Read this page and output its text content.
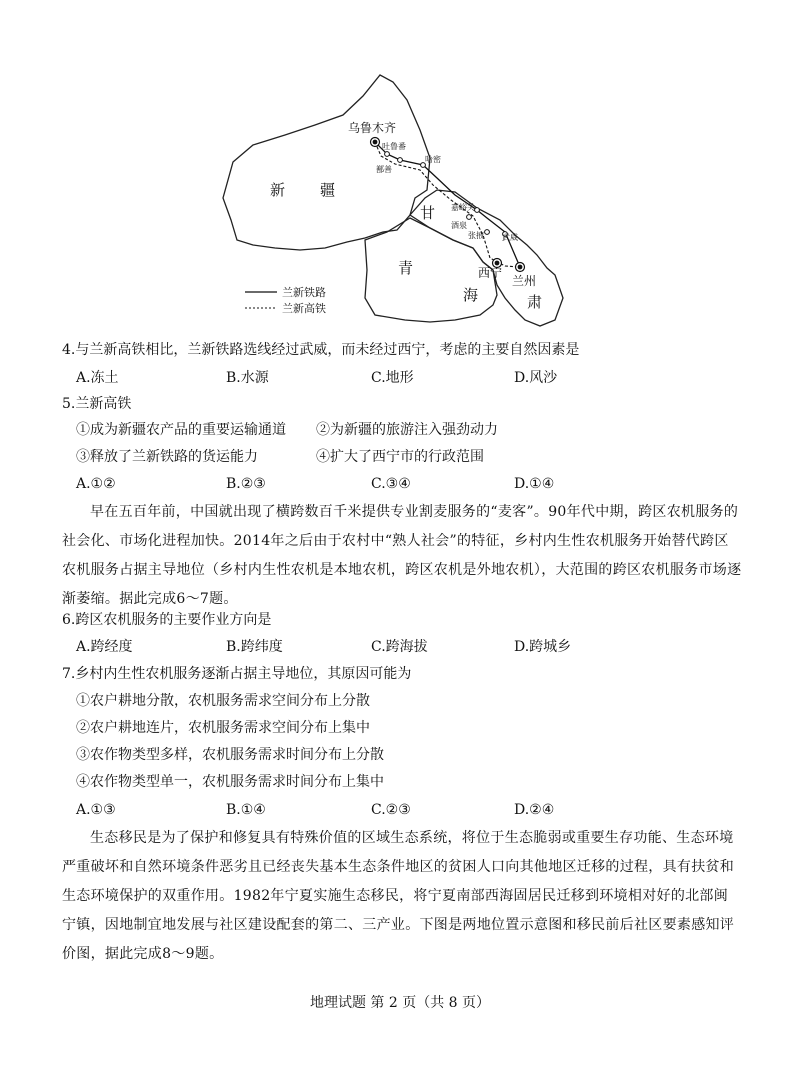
乌鲁木齐
吐鲁番
鄯善
哈密
嘉峪关
酒泉
张掖 武威
西宁
兰州
新 疆
甘
青
海	肃
兰新铁路
兰新高铁
4.与兰新高铁相比，兰新铁路选线经过武威，而未经过西宁，考虑的主要自然因素是
A.冻土	B.水源	C.地形	D.风沙
5.兰新高铁
①成为新疆农产品的重要运输通道 ②为新疆的旅游注入强劲动力
③释放了兰新铁路的货运能力	④扩大了西宁市的行政范围
A.①②	B.②③	C.③④	D.①④

早在五百年前，中国就出现了横跨数百千米提供专业割麦服务的“麦客”。90年代中期，跨区农机服务的社会化、市场化进程加快。2014年之后由于农村中“熟人社会”的特征，乡村内生性农机服务开始替代跨区农机服务占据主导地位（乡村内生性农机是本地农机，跨区农机是外地农机），大范围的跨区农机服务市场逐渐萎缩。据此完成6～7题。

6.跨区农机服务的主要作业方向是
A.跨经度	B.跨纬度	C.跨海拔	D.跨城乡
7.乡村内生性农机服务逐渐占据主导地位，其原因可能为
①农户耕地分散，农机服务需求空间分布上分散
②农户耕地连片，农机服务需求空间分布上集中
③农作物类型多样，农机服务需求时间分布上分散
④农作物类型单一，农机服务需求时间分布上集中
A.①③	B.①④	C.②③	D.②④

生态移民是为了保护和修复具有特殊价值的区域生态系统，将位于生态脆弱或重要生存功能、生态环境严重破坏和自然环境条件恶劣且已经丧失基本生态条件地区的贫困人口向其他地区迁移的过程，具有扶贫和生态环境保护的双重作用。1982年宁夏实施生态移民，将宁夏南部西海固居民迁移到环境相对好的北部闽宁镇，因地制宜地发展与社区建设配套的第二、三产业。下图是两地位置示意图和移民前后社区要素感知评价图，据此完成8～9题。

地理试题 第 2 页（共 8 页）
